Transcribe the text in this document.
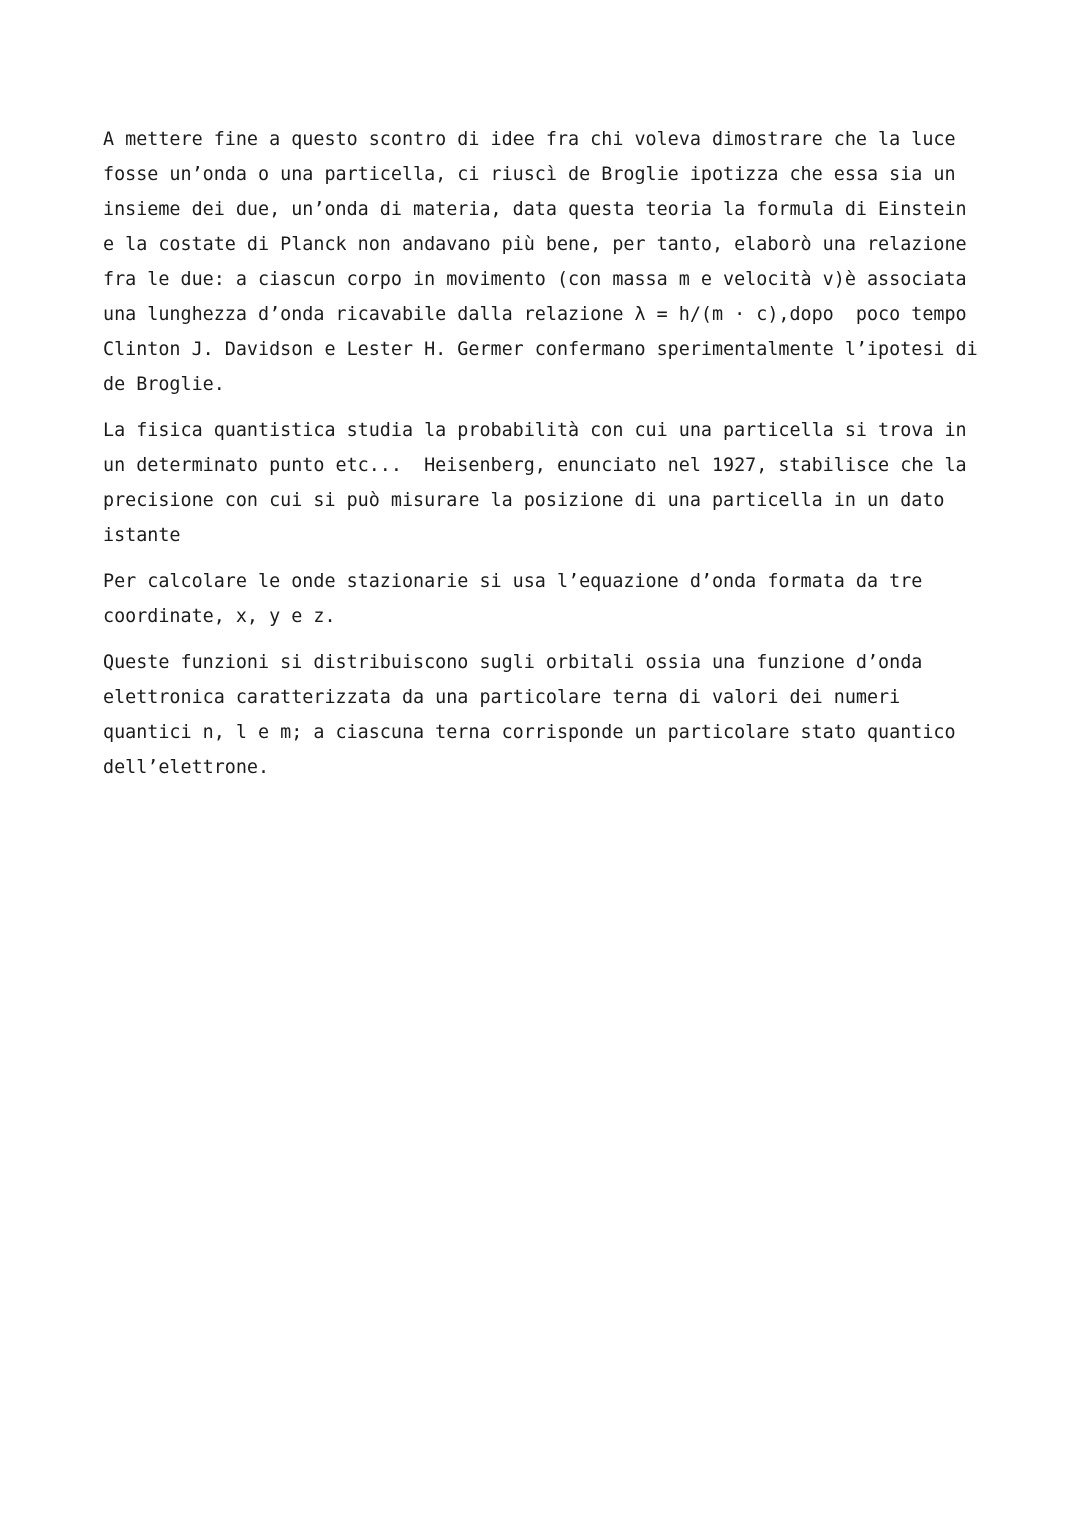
A mettere fine a questo scontro di idee fra chi voleva dimostrare che la luce
fosse un’onda o una particella, ci riuscì de Broglie ipotizza che essa sia un
insieme dei due, un’onda di materia, data questa teoria la formula di Einstein
e la costate di Planck non andavano più bene, per tanto, elaborò una relazione
fra le due: a ciascun corpo in movimento (con massa m e velocità v)è associata
una lunghezza d’onda ricavabile dalla relazione λ = h/(m · c),dopo  poco tempo
Clinton J. Davidson e Lester H. Germer confermano sperimentalmente l’ipotesi di
de Broglie.

La fisica quantistica studia la probabilità con cui una particella si trova in
un determinato punto etc...  Heisenberg, enunciato nel 1927, stabilisce che la
precisione con cui si può misurare la posizione di una particella in un dato
istante

Per calcolare le onde stazionarie si usa l’equazione d’onda formata da tre
coordinate, x, y e z.

Queste funzioni si distribuiscono sugli orbitali ossia una funzione d’onda
elettronica caratterizzata da una particolare terna di valori dei numeri
quantici n, l e m; a ciascuna terna corrisponde un particolare stato quantico
dell’elettrone.
